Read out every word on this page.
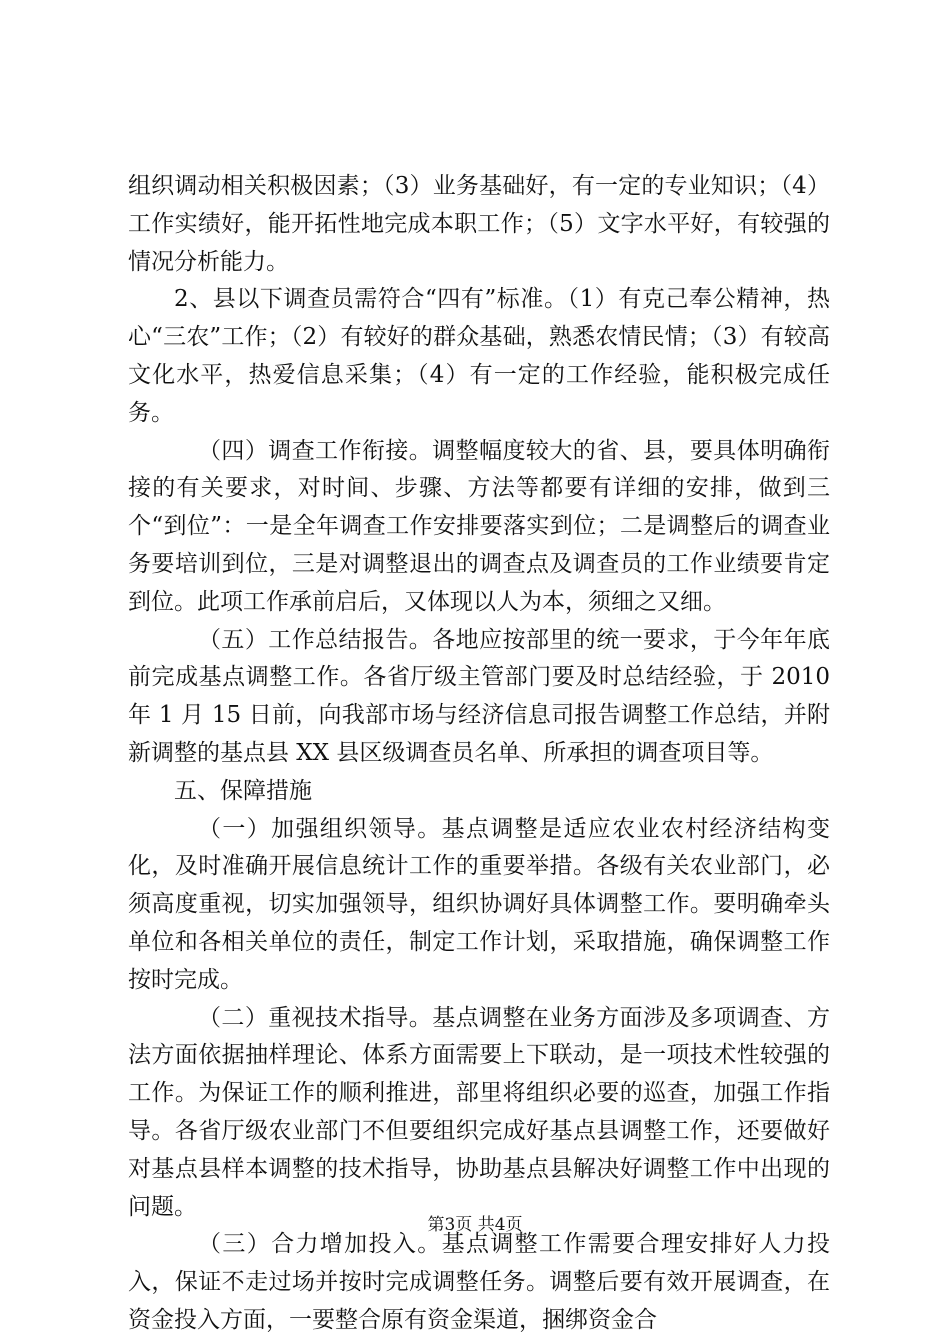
组织调动相关积极因素；（3）业务基础好，有一定的专业知识；（4）工作实绩好，能开拓性地完成本职工作；（5）文字水平好，有较强的情况分析能力。

2、县以下调查员需符合“四有”标准。（1）有克己奉公精神，热心“三农”工作；（2）有较好的群众基础，熟悉农情民情；（3）有较高文化水平，热爱信息采集；（4）有一定的工作经验，能积极完成任务。

（四）调查工作衔接。调整幅度较大的省、县，要具体明确衔接的有关要求，对时间、步骤、方法等都要有详细的安排，做到三个“到位”：一是全年调查工作安排要落实到位；二是调整后的调查业务要培训到位，三是对调整退出的调查点及调查员的工作业绩要肯定到位。此项工作承前启后，又体现以人为本，须细之又细。

（五）工作总结报告。各地应按部里的统一要求，于今年年底前完成基点调整工作。各省厅级主管部门要及时总结经验，于 2010 年 1 月 15 日前，向我部市场与经济信息司报告调整工作总结，并附新调整的基点县 XX 县区级调查员名单、所承担的调查项目等。

五、保障措施

（一）加强组织领导。基点调整是适应农业农村经济结构变化，及时准确开展信息统计工作的重要举措。各级有关农业部门，必须高度重视，切实加强领导，组织协调好具体调整工作。要明确牵头单位和各相关单位的责任，制定工作计划，采取措施，确保调整工作按时完成。

（二）重视技术指导。基点调整在业务方面涉及多项调查、方法方面依据抽样理论、体系方面需要上下联动，是一项技术性较强的工作。为保证工作的顺利推进，部里将组织必要的巡查，加强工作指导。各省厅级农业部门不但要组织完成好基点县调整工作，还要做好对基点县样本调整的技术指导，协助基点县解决好调整工作中出现的问题。

（三）合力增加投入。基点调整工作需要合理安排好人力投入，保证不走过场并按时完成调整任务。调整后要有效开展调查，在资金投入方面，一要整合原有资金渠道，捆绑资金合

第3页 共4页
